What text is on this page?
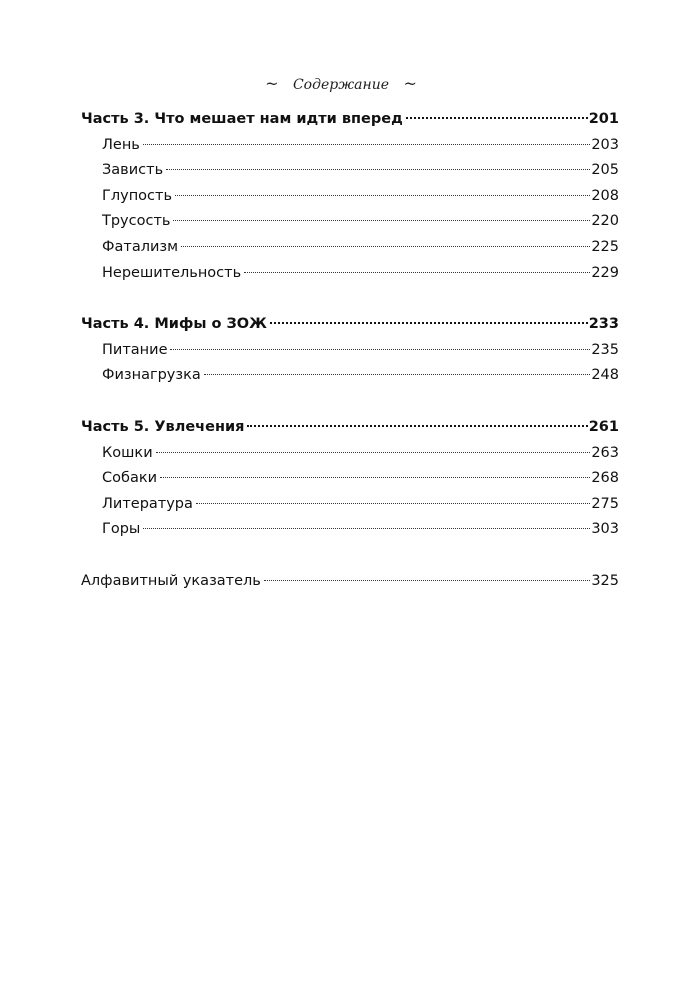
~ Содержание ~
Часть 3. Что мешает нам идти вперед	201
Лень	203
Зависть	205
Глупость	208
Трусость	220
Фатализм	225
Нерешительность	229
Часть 4. Мифы о ЗОЖ	233
Питание	235
Физнагрузка	248
Часть 5. Увлечения	261
Кошки	263
Собаки	268
Литература	275
Горы	303
Алфавитный указатель	325
